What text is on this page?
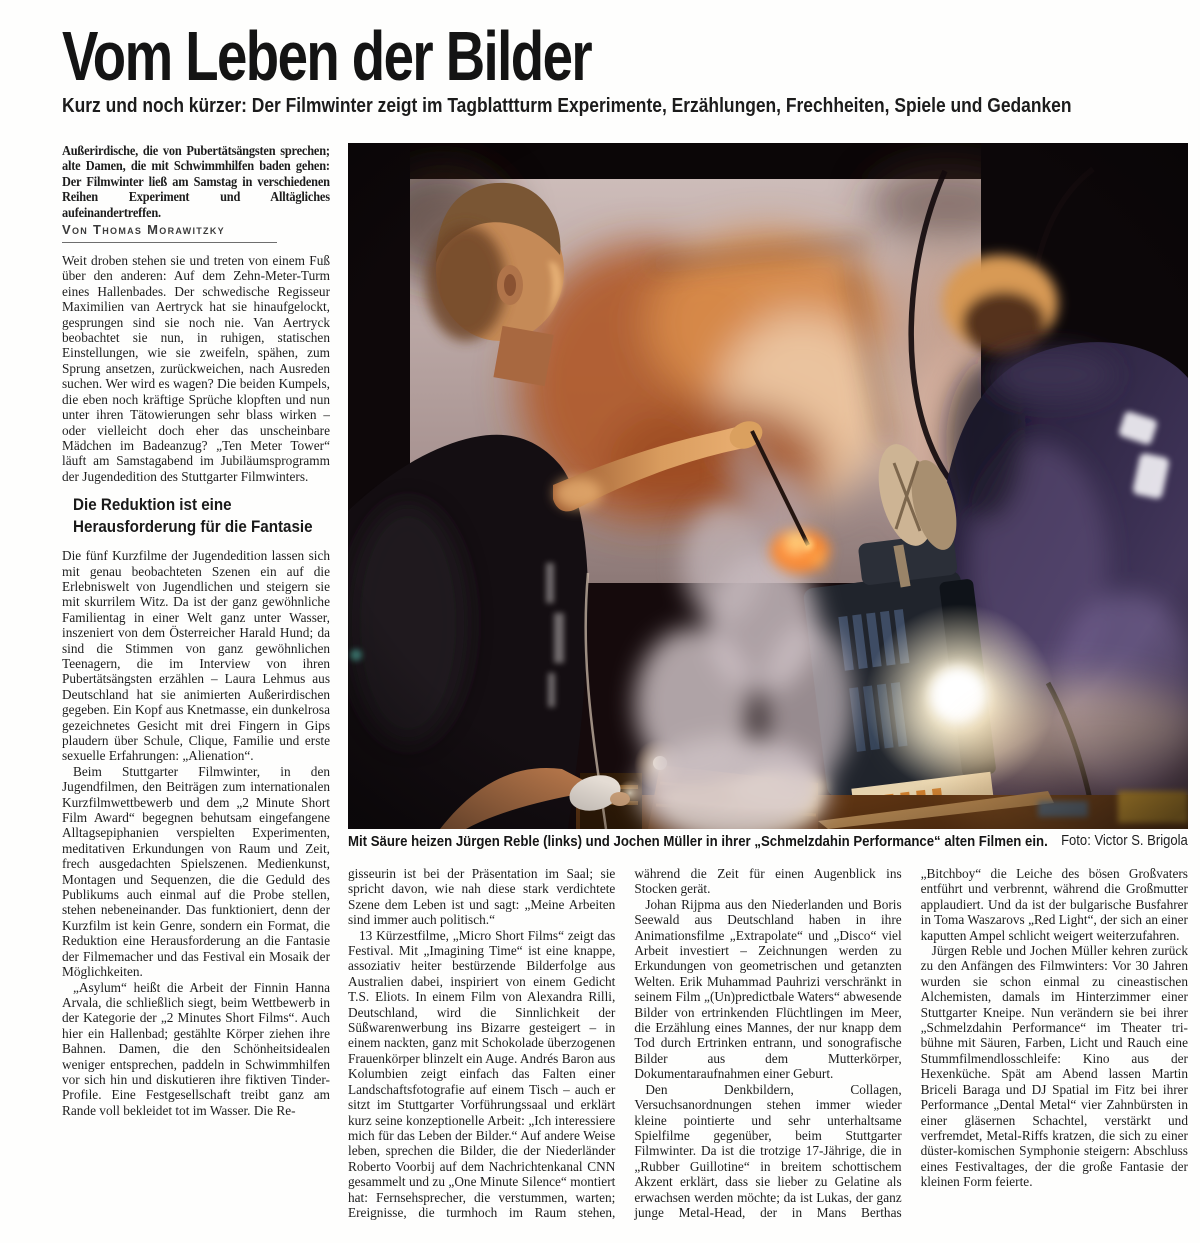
Vom Leben der Bilder

Kurz und noch kürzer: Der Filmwinter zeigt im Tagblattturm Experimente, Erzählungen, Frechheiten, Spiele und Gedanken

Außerirdische, die von Pubertätsängsten sprechen; alte Damen, die mit Schwimmhilfen baden gehen: Der Filmwinter ließ am Samstag in verschiedenen Reihen Experiment und Alltägliches aufeinandertreffen.

Von Thomas Morawitzky

Weit droben stehen sie und treten von einem Fuß über den anderen: Auf dem Zehn-Meter-Turm eines Hallenbades. Der schwedische Regisseur Maximilien van Aertryck hat sie hinaufgelockt, gesprungen sind sie noch nie. Van Aertryck beobachtet sie nun, in ruhigen, statischen Einstellungen, wie sie zweifeln, spähen, zum Sprung ansetzen, zurückweichen, nach Ausreden suchen. Wer wird es wagen? Die beiden Kumpels, die eben noch kräftige Sprüche klopften und nun unter ihren Tätowierungen sehr blass wirken – oder vielleicht doch eher das unscheinbare Mädchen im Badeanzug? „Ten Meter Tower“ läuft am Samstagabend im Jubiläumsprogramm der Jugendedition des Stuttgarter Filmwinters.

Die Reduktion ist eine Herausforderung für die Fantasie

Die fünf Kurzfilme der Jugendedition lassen sich mit genau beobachteten Szenen ein auf die Erlebniswelt von Jugendlichen und steigern sie mit skurrilem Witz. Da ist der ganz gewöhnliche Familientag in einer Welt ganz unter Wasser, inszeniert von dem Österreicher Harald Hund; da sind die Stimmen von ganz gewöhnlichen Teenagern, die im Interview von ihren Pubertätsängsten erzählen – Laura Lehmus aus Deutschland hat sie animierten Außerirdischen gegeben. Ein Kopf aus Knetmasse, ein dunkelrosa gezeichnetes Gesicht mit drei Fingern in Gips plaudern über Schule, Clique, Familie und erste sexuelle Erfahrungen: „Alienation“.

Beim Stuttgarter Filmwinter, in den Jugendfilmen, den Beiträgen zum internationalen Kurzfilmwettbewerb und dem „2 Minute Short Film Award“ begegnen behutsam eingefangene Alltagsepiphanien verspielten Experimenten, meditativen Erkundungen von Raum und Zeit, frech ausgedachten Spielszenen. Medienkunst, Montagen und Sequenzen, die die Geduld des Publikums auch einmal auf die Probe stellen, stehen nebeneinander. Das funktioniert, denn der Kurzfilm ist kein Genre, sondern ein Format, die Reduktion eine Herausforderung an die Fantasie der Filmemacher und das Festival ein Mosaik der Möglichkeiten.

„Asylum“ heißt die Arbeit der Finnin Hanna Arvala, die schließlich siegt, beim Wettbewerb in der Kategorie der „2 Minutes Short Films“. Auch hier ein Hallenbad; gestählte Körper ziehen ihre Bahnen. Damen, die den Schönheitsidealen weniger entsprechen, paddeln in Schwimmhilfen vor sich hin und diskutieren ihre fiktiven Tinder-Profile. Eine Festgesellschaft treibt ganz am Rande voll bekleidet tot im Wasser. Die Re-

Mit Säure heizen Jürgen Reble (links) und Jochen Müller in ihrer „Schmelzdahin Performance“ alten Filmen ein. Foto: Victor S. Brigola

gisseurin ist bei der Präsentation im Saal; sie spricht davon, wie nah diese stark verdichtete Szene dem Leben ist und sagt: „Meine Arbeiten sind immer auch politisch.“

13 Kürzestfilme, „Micro Short Films“ zeigt das Festival. Mit „Imagining Time“ ist eine knappe, assoziativ heiter bestürzende Bilderfolge aus Australien dabei, inspiriert von einem Gedicht T.S. Eliots. In einem Film von Alexandra Rilli, Deutschland, wird die Sinnlichkeit der Süßwarenwerbung ins Bizarre gesteigert – in einem nackten, ganz mit Schokolade überzogenen Frauenkörper blinzelt ein Auge. Andrés Baron aus Kolumbien zeigt einfach das Falten einer Landschaftsfotografie auf einem Tisch – auch er sitzt im Stuttgarter Vorführungssaal und erklärt kurz seine konzeptionelle Arbeit: „Ich interessiere mich für das Leben der Bilder.“ Auf andere Weise leben, sprechen die Bilder, die der Niederländer Roberto Voorbij auf dem Nachrichtenkanal CNN gesammelt und zu „One Minute Silence“ montiert hat: Fernsehsprecher, die verstummen, warten; Ereignisse, die turmhoch im Raum stehen, während die Zeit für einen Augenblick ins Stocken gerät.

Johan Rijpma aus den Niederlanden und Boris Seewald aus Deutschland haben in ihre Animationsfilme „Extrapolate“ und „Disco“ viel Arbeit investiert – Zeichnungen werden zu Erkundungen von geometrischen und getanzten Welten. Erik Muhammad Pauhrizi verschränkt in seinem Film „(Un)predictbale Waters“ abwesende Bilder von ertrinkenden Flüchtlingen im Meer, die Erzählung eines Mannes, der nur knapp dem Tod durch Ertrinken entrann, und sonografische Bilder aus dem Mutterkörper, Dokumentaraufnahmen einer Geburt.

Den Denkbildern, Collagen, Versuchsanordnungen stehen immer wieder kleine pointierte und sehr unterhaltsame Spielfilme gegenüber, beim Stuttgarter Filmwinter. Da ist die trotzige 17-Jährige, die in „Rubber Guillotine“ in breitem schottischem Akzent erklärt, dass sie lieber zu Gelatine als erwachsen werden möchte; da ist Lukas, der ganz junge Metal-Head, der in Mans Berthas „Bitchboy“ die Leiche des bösen Großvaters entführt und verbrennt, während die Großmutter applaudiert. Und da ist der bulgarische Busfahrer in Toma Waszarovs „Red Light“, der sich an einer kaputten Ampel schlicht weigert weiterzufahren.

Jürgen Reble und Jochen Müller kehren zurück zu den Anfängen des Filmwinters: Vor 30 Jahren wurden sie schon einmal zu cineastischen Alchemisten, damals im Hinterzimmer einer Stuttgarter Kneipe. Nun verändern sie bei ihrer „Schmelzdahin Performance“ im Theater tri-bühne mit Säuren, Farben, Licht und Rauch eine Stummfilmendlosschleife: Kino aus der Hexenküche. Spät am Abend lassen Martin Briceli Baraga und DJ Spatial im Fitz bei ihrer Performance „Dental Metal“ vier Zahnbürsten in einer gläsernen Schachtel, verstärkt und verfremdet, Metal-Riffs kratzen, die sich zu einer düster-komischen Symphonie steigern: Abschluss eines Festivaltages, der die große Fantasie der kleinen Form feierte.
